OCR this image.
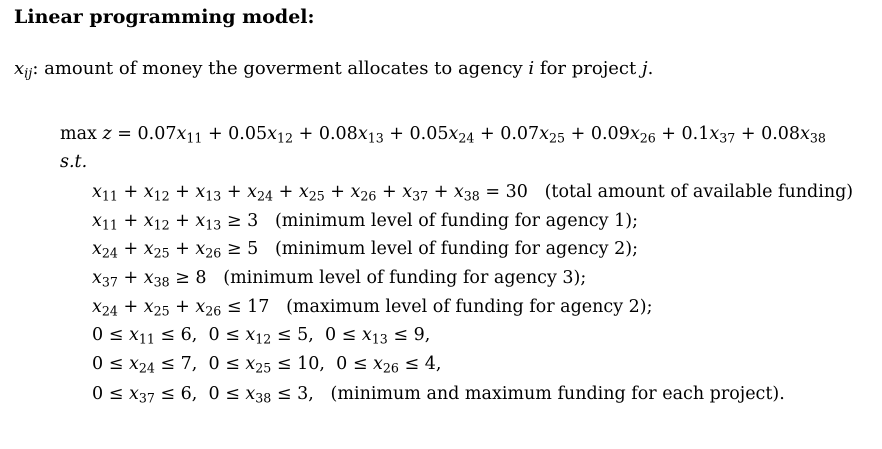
Linear programming model:
$x_{ij}$: amount of money the goverment allocates to agency i for project j.
$\max z = 0.07x_{11} + 0.05x_{12} + 0.08x_{13} + 0.05x_{24} + 0.07x_{25} + 0.09x_{26} + 0.1x_{37} + 0.08x_{38}$
s.t.
$x_{11} + x_{12} + x_{13} + x_{24} + x_{25} + x_{26} + x_{37} + x_{38} = 30$ (total amount of available funding)
$x_{11} + x_{12} + x_{13} \ge 3$ (minimum level of funding for agency 1);
$x_{24} + x_{25} + x_{26} \ge 5$ (minimum level of funding for agency 2);
$x_{37} + x_{38} \ge 8$ (minimum level of funding for agency 3);
$x_{24} + x_{25} + x_{26} \le 17$ (maximum level of funding for agency 2);
$0 \le x_{11} \le 6$,  $0 \le x_{12} \le 5$,  $0 \le x_{13} \le 9$,
$0 \le x_{24} \le 7$,  $0 \le x_{25} \le 10$,  $0 \le x_{26} \le 4$,
$0 \le x_{37} \le 6$,  $0 \le x_{38} \le 3$, (minimum and maximum funding for each project).
